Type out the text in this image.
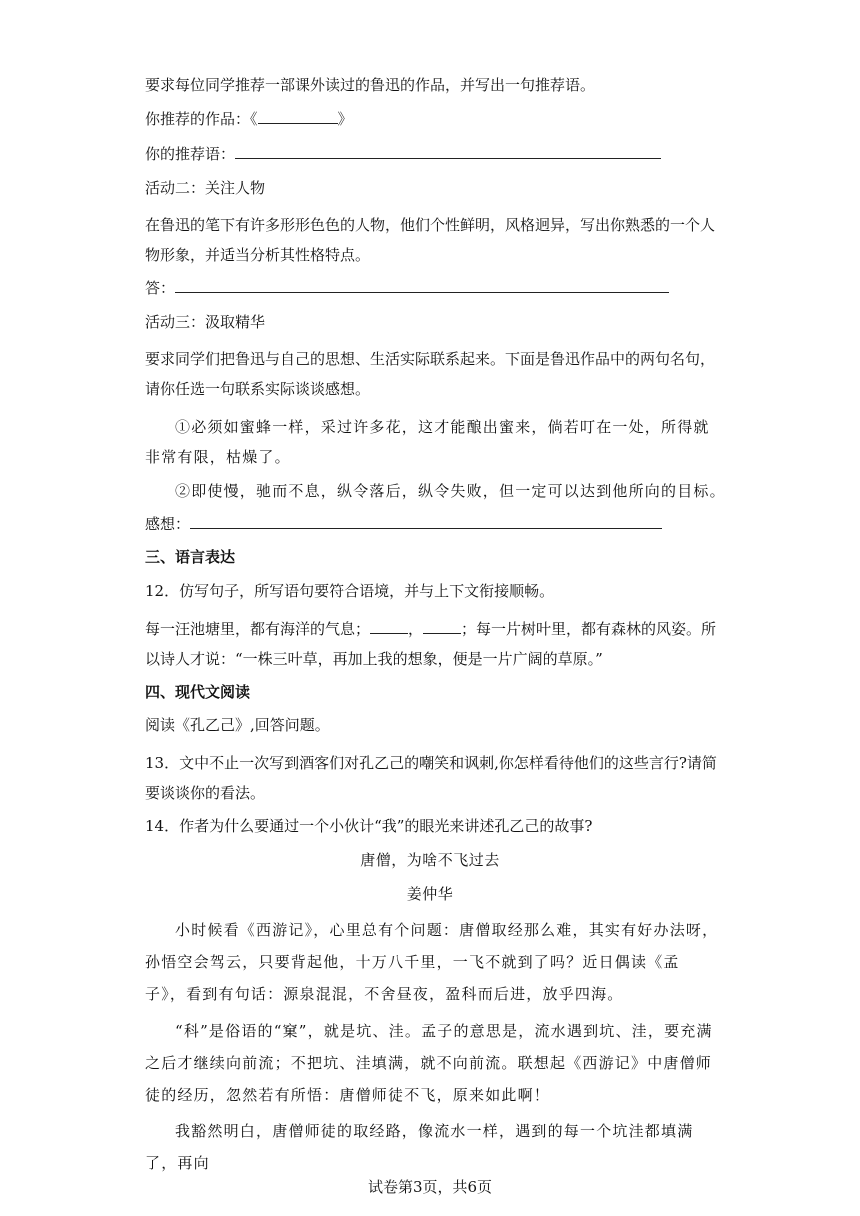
要求每位同学推荐一部课外读过的鲁迅的作品，并写出一句推荐语。
你推荐的作品：《	》
你的推荐语：
活动二：关注人物
在鲁迅的笔下有许多形形色色的人物，他们个性鲜明，风格迥异，写出你熟悉的一个人物形象，并适当分析其性格特点。
答：
活动三：汲取精华
要求同学们把鲁迅与自己的思想、生活实际联系起来。下面是鲁迅作品中的两句名句，请你任选一句联系实际谈谈感想。
①必须如蜜蜂一样，采过许多花，这才能酿出蜜来，倘若叮在一处，所得就非常有限，枯燥了。
②即使慢，驰而不息，纵令落后，纵令失败，但一定可以达到他所向的目标。
感想：
三、语言表达
12．仿写句子，所写语句要符合语境，并与上下文衔接顺畅。
每一汪池塘里，都有海洋的气息；	，	；每一片树叶里，都有森林的风姿。所以诗人才说：“一株三叶草，再加上我的想象，便是一片广阔的草原。”
四、现代文阅读
阅读《孔乙己》,回答问题。
13．文中不止一次写到酒客们对孔乙己的嘲笑和讽刺,你怎样看待他们的这些言行?请简要谈谈你的看法。
14．作者为什么要通过一个小伙计“我”的眼光来讲述孔乙己的故事?
唐僧，为啥不飞过去
姜仲华
小时候看《西游记》，心里总有个问题：唐僧取经那么难，其实有好办法呀，孙悟空会驾云，只要背起他，十万八千里，一飞不就到了吗？近日偶读《孟子》，看到有句话：源泉混混，不舍昼夜，盈科而后进，放乎四海。
“科”是俗语的“窠”，就是坑、洼。孟子的意思是，流水遇到坑、洼，要充满之后才继续向前流；不把坑、洼填满，就不向前流。联想起《西游记》中唐僧师徒的经历，忽然若有所悟：唐僧师徒不飞，原来如此啊！
我豁然明白，唐僧师徒的取经路，像流水一样，遇到的每一个坑洼都填满了，再向
试卷第3页，共6页
